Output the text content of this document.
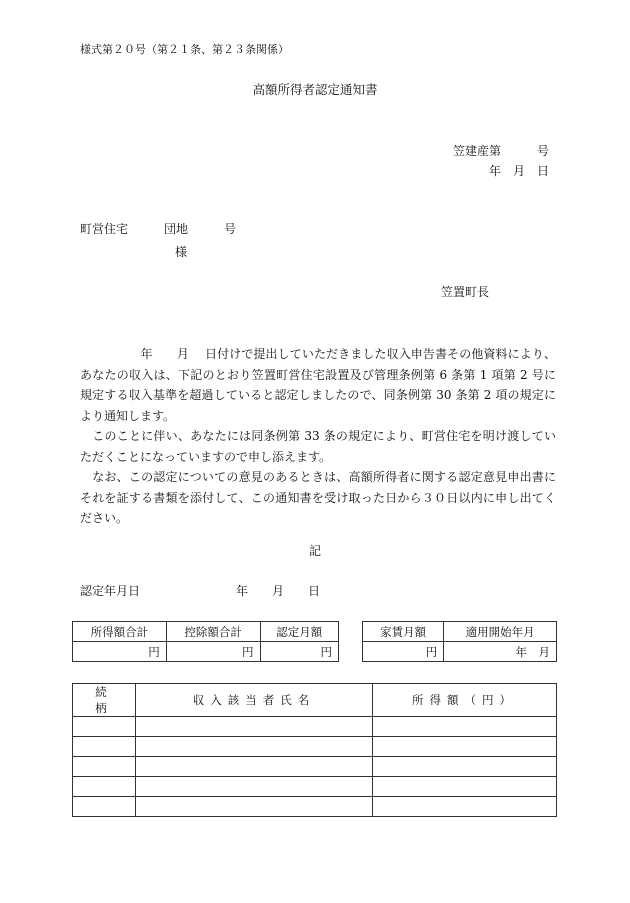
様式第２０号（第２１条、第２３条関係）
高額所得者認定通知書
笠建産第　　　号
年　月　日
町営住宅　　　団地　　　号
様
笠置町長
　　　　　年　　月　 日付けで提出していただきました収入申告書その他資料により、あなたの収入は、下記のとおり笠置町営住宅設置及び管理条例第 6 条第 1 項第 2 号に規定する収入基準を超過していると認定しましたので、同条例第 30 条第 2 項の規定により通知します。
　このことに伴い、あなたには同条例第 33 条の規定により、町営住宅を明け渡していただくことになっていますので申し添えます。
　なお、この認定についての意見のあるときは、高額所得者に関する認定意見申出書にそれを証する書類を添付して、この通知書を受け取った日から３０日以内に申し出てください。
記
認定年月日　　　　　　　　年　　月　　日
所得額合計	控除額合計	認定月額
円	円	円
家賃月額	適用開始年月
円	年　月
続　柄	収入該当者氏名	所得額（円）
